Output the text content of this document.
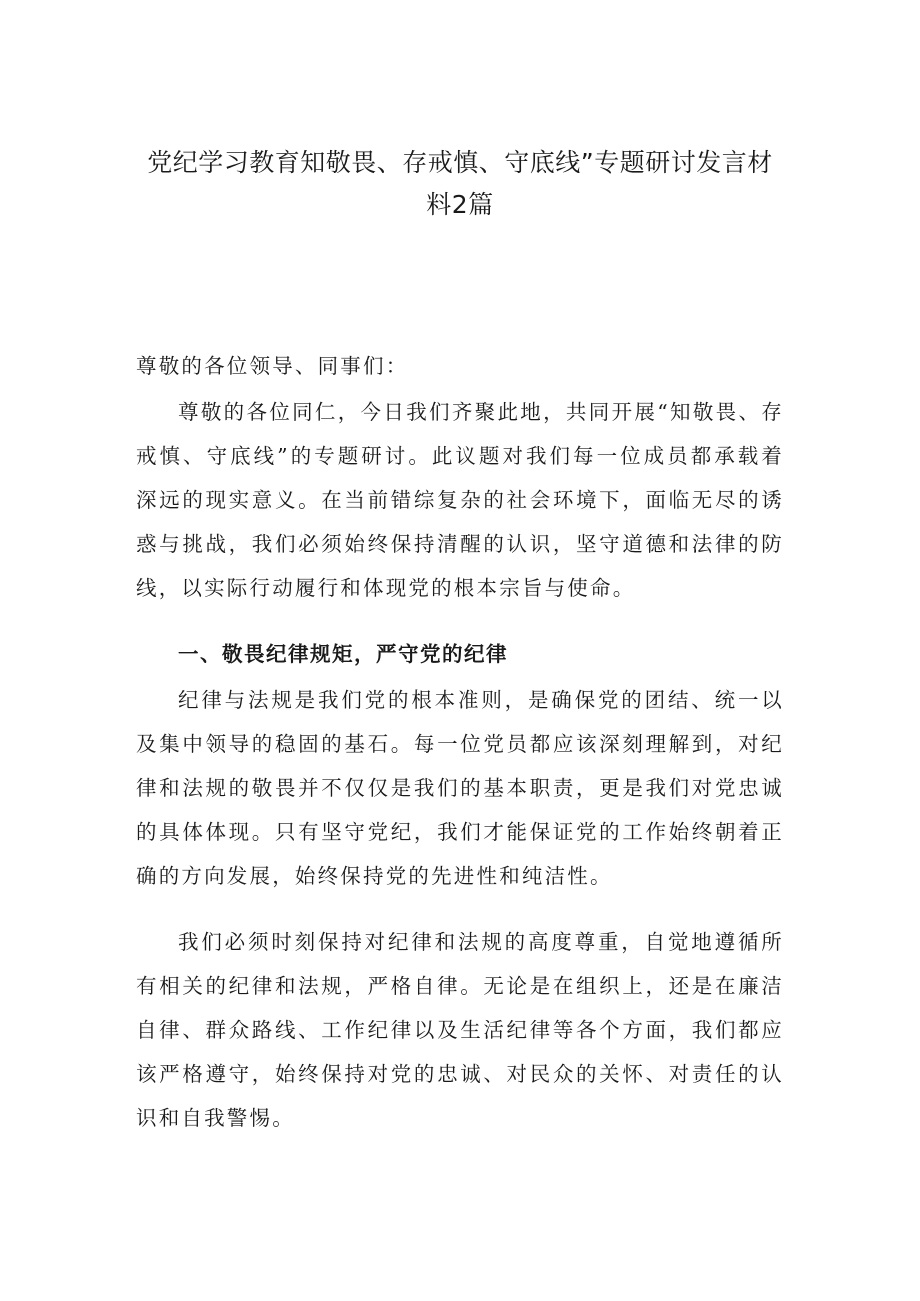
党纪学习教育知敬畏、存戒慎、守底线”专题研讨发言材料2篇

尊敬的各位领导、同事们：

尊敬的各位同仁，今日我们齐聚此地，共同开展“知敬畏、存戒慎、守底线”的专题研讨。此议题对我们每一位成员都承载着深远的现实意义。在当前错综复杂的社会环境下，面临无尽的诱惑与挑战，我们必须始终保持清醒的认识，坚守道德和法律的防线，以实际行动履行和体现党的根本宗旨与使命。

一、敬畏纪律规矩，严守党的纪律

纪律与法规是我们党的根本准则，是确保党的团结、统一以及集中领导的稳固的基石。每一位党员都应该深刻理解到，对纪律和法规的敬畏并不仅仅是我们的基本职责，更是我们对党忠诚的具体体现。只有坚守党纪，我们才能保证党的工作始终朝着正确的方向发展，始终保持党的先进性和纯洁性。

我们必须时刻保持对纪律和法规的高度尊重，自觉地遵循所有相关的纪律和法规，严格自律。无论是在组织上，还是在廉洁自律、群众路线、工作纪律以及生活纪律等各个方面，我们都应该严格遵守，始终保持对党的忠诚、对民众的关怀、对责任的认识和自我警惕。
